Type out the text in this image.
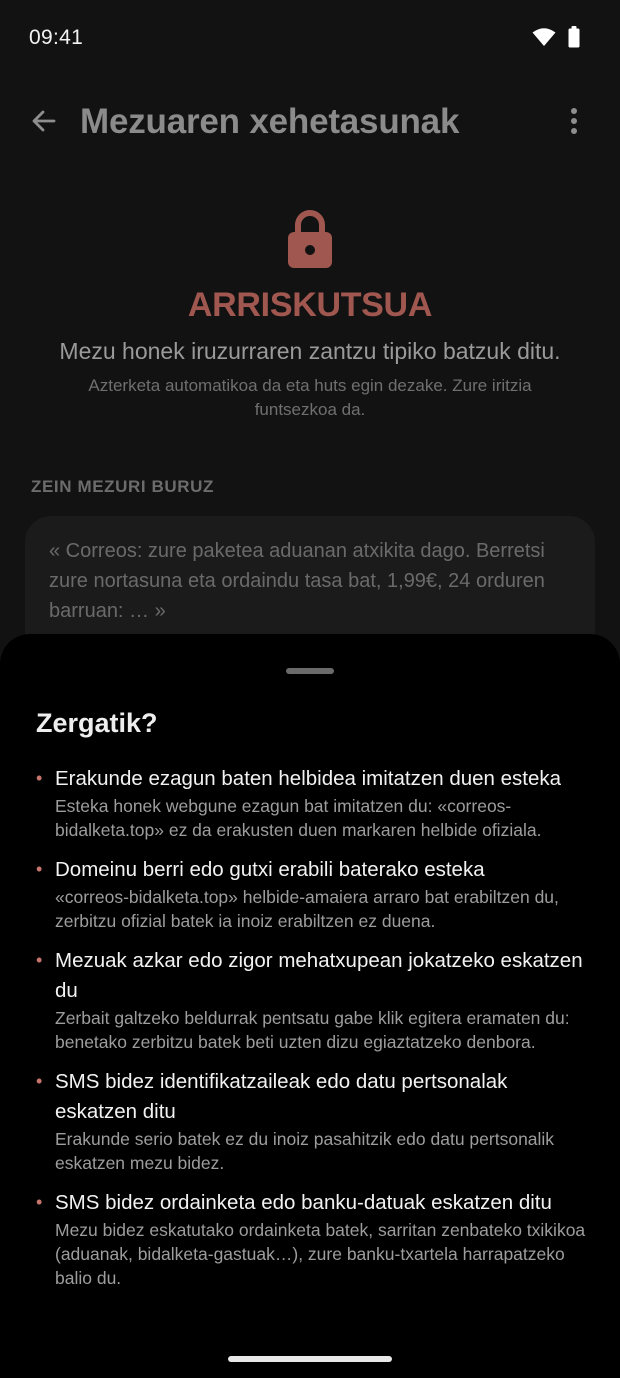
09:41
Mezuaren xehetasunak
ARRISKUTSUA
Mezu honek iruzurraren zantzu tipiko batzuk ditu.
Azterketa automatikoa da eta huts egin dezake. Zure iritzia funtsezkoa da.
ZEIN MEZURI BURUZ
« Correos: zure paketea aduanan atxikita dago. Berretsi zure nortasuna eta ordaindu tasa bat, 1,99€, 24 orduren barruan: … »
Zergatik?
• Erakunde ezagun baten helbidea imitatzen duen esteka
Esteka honek webgune ezagun bat imitatzen du: «correos-bidalketa.top» ez da erakusten duen markaren helbide ofiziala.
• Domeinu berri edo gutxi erabili baterako esteka
«correos-bidalketa.top» helbide-amaiera arraro bat erabiltzen du, zerbitzu ofizial batek ia inoiz erabiltzen ez duena.
• Mezuak azkar edo zigor mehatxupean jokatzeko eskatzen du
Zerbait galtzeko beldurrak pentsatu gabe klik egitera eramaten du: benetako zerbitzu batek beti uzten dizu egiaztatzeko denbora.
• SMS bidez identifikatzaileak edo datu pertsonalak eskatzen ditu
Erakunde serio batek ez du inoiz pasahitzik edo datu pertsonalik eskatzen mezu bidez.
• SMS bidez ordainketa edo banku-datuak eskatzen ditu
Mezu bidez eskatutako ordainketa batek, sarritan zenbateko txikikoa (aduanak, bidalketa-gastuak…), zure banku-txartela harrapatzeko balio du.
